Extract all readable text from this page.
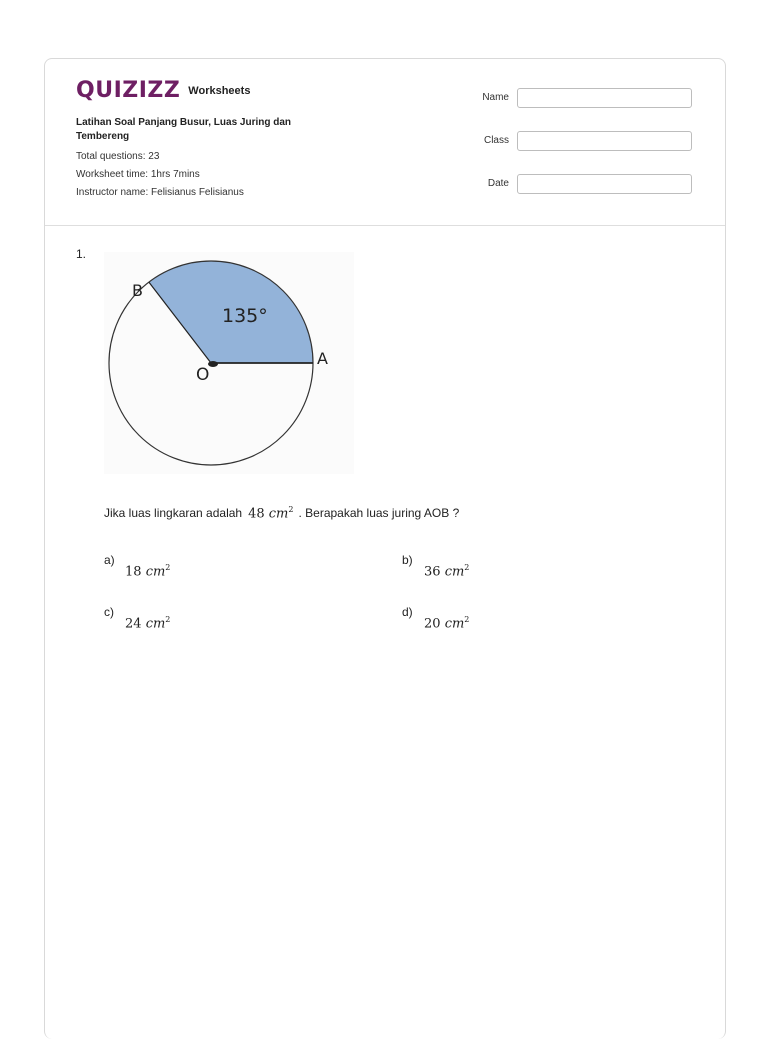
QUIZIZZ Worksheets
Latihan Soal Panjang Busur, Luas Juring dan Tembereng
Total questions: 23
Worksheet time: 1hrs 7mins
Instructor name: Felisianus Felisianus
Name
Class
Date
1.
135°
A
B
O
Jika luas lingkaran adalah 48 $cm^2$ . Berapakah luas juring AOB ?
a)
18 $cm^2$
b)
36 $cm^2$
c)
24 $cm^2$
d)
20 $cm^2$
